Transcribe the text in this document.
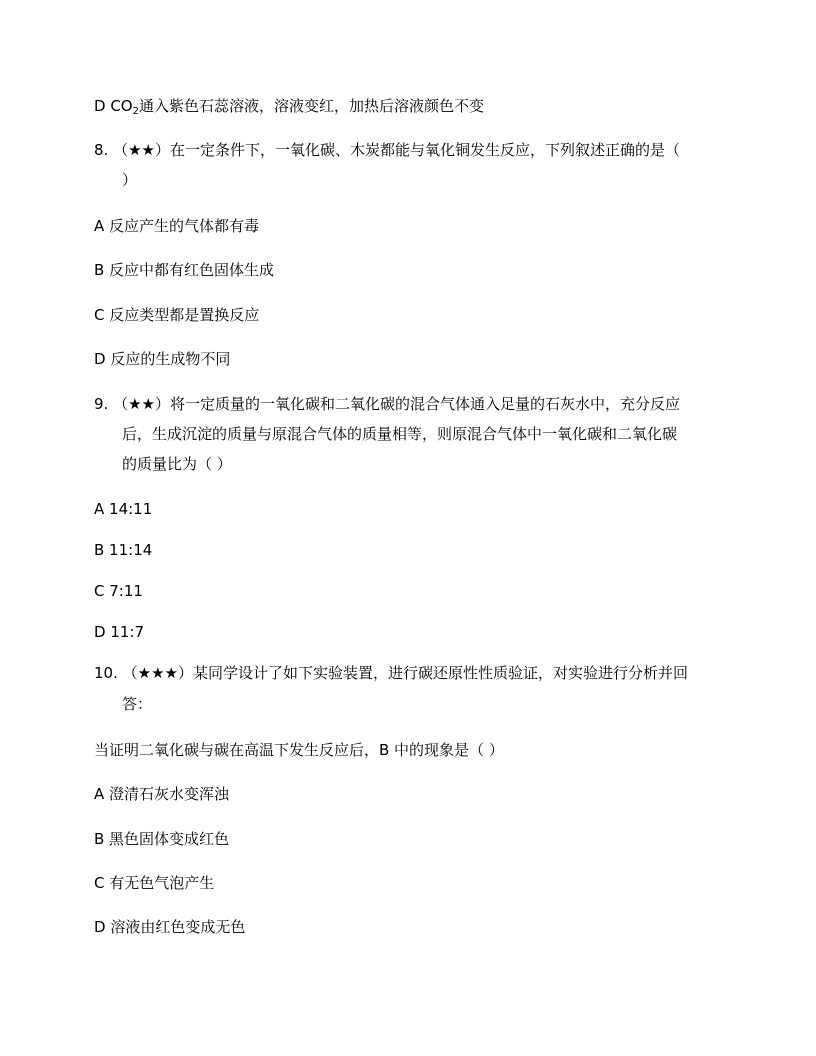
D $CO_2$通入紫色石蕊溶液，溶液变红，加热后溶液颜色不变
8. （★★）在一定条件下，一氧化碳、木炭都能与氧化铜发生反应，下列叙述正确的是（
）
A 反应产生的气体都有毒
B 反应中都有红色固体生成
C 反应类型都是置换反应
D 反应的生成物不同
9. （★★）将一定质量的一氧化碳和二氧化碳的混合气体通入足量的石灰水中，充分反应
后，生成沉淀的质量与原混合气体的质量相等，则原混合气体中一氧化碳和二氧化碳
的质量比为（ ）
A 14:11
B 11:14
C 7:11
D 11:7
10. （★★★）某同学设计了如下实验装置，进行碳还原性性质验证，对实验进行分析并回
答：
当证明二氧化碳与碳在高温下发生反应后，B 中的现象是（ ）
A 澄清石灰水变浑浊
B 黑色固体变成红色
C 有无色气泡产生
D 溶液由红色变成无色
